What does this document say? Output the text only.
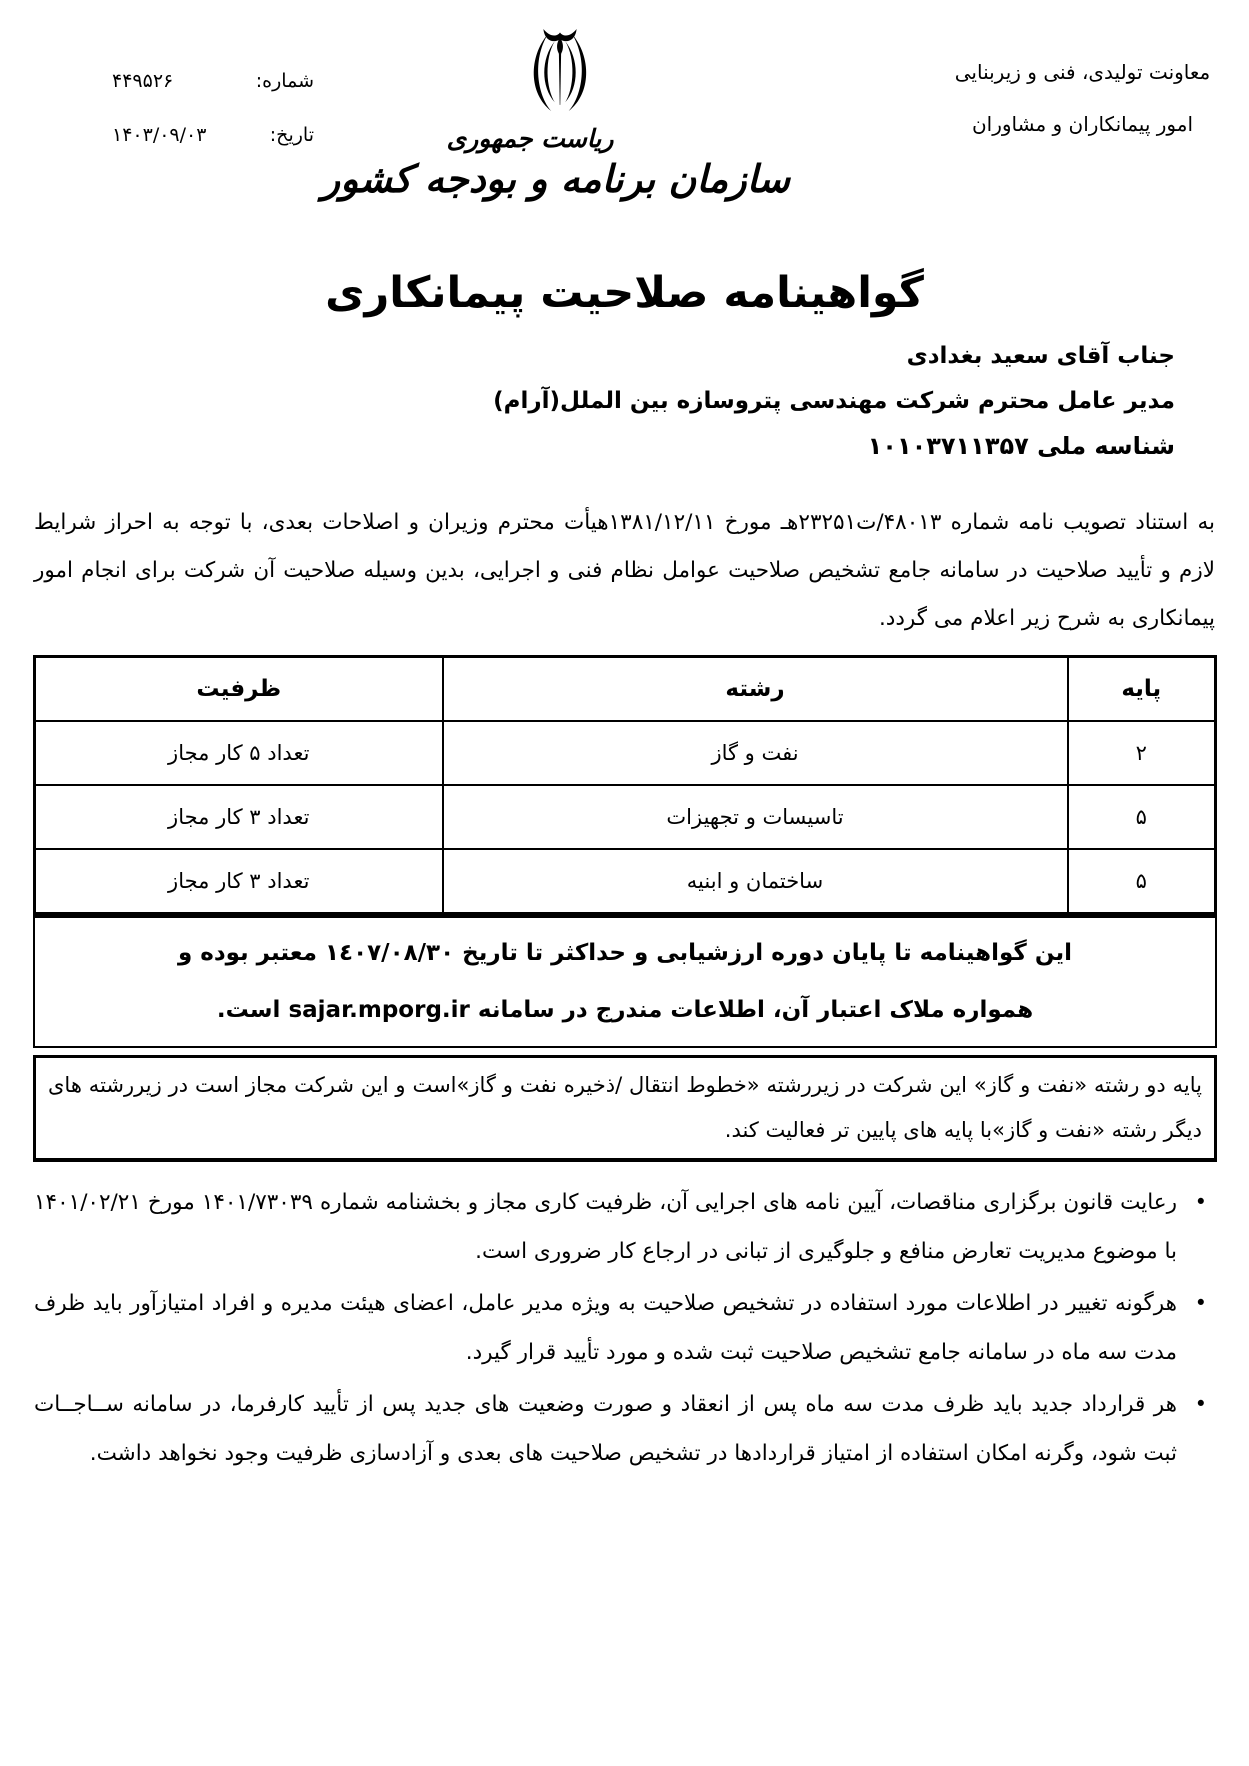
معاونت تولیدی، فنی و زیربنایی
امور پیمانکاران و مشاوران
شماره:
۴۴۹۵۲۶
تاریخ:
۱۴۰۳/۰۹/۰۳	ریاست جمهوری
سازمان برنامه و بودجه کشور
گواهینامه صلاحیت پیمانکاری
جناب آقای سعید بغدادی
مدیر عامل محترم شرکت مهندسی پتروسازه بین الملل(آرام)
شناسه ملی ۱۰۱۰۳۷۱۱۳۵۷

به استناد تصویب نامه شماره ۴۸۰۱۳/ت۲۳۲۵۱هـ مورخ ۱۳۸۱/۱۲/۱۱هیأت محترم وزیران و اصلاحات بعدی، با توجه به احراز شرایط لازم و تأیید صلاحیت در سامانه جامع تشخیص صلاحیت عوامل نظام فنی و اجرایی، بدین وسیله صلاحیت آن شرکت برای انجام امور پیمانکاری به شرح زیر اعلام می گردد.

پایه	رشته	ظرفیت
۲	نفت و گاز	تعداد ۵ کار مجاز
۵	تاسیسات و تجهیزات	تعداد ۳ کار مجاز
۵	ساختمان و ابنیه	تعداد ۳ کار مجاز
این گواهینامه تا پایان دوره ارزشیابی و حداکثر تا تاریخ ۱٤۰۷/۰۸/۳۰ معتبر بوده و
همواره ملاک اعتبار آن، اطلاعات مندرج در سامانه sajar.mporg.ir است.
پایه دو رشته «نفت و گاز» این شرکت در زیررشته «خطوط انتقال /ذخیره نفت و گاز»است و این شرکت مجاز است در زیررشته های دیگر رشته «نفت و گاز»با پایه های پایین تر فعالیت کند.
•
رعایت قانون برگزاری مناقصات، آیین نامه های اجرایی آن، ظرفیت کاری مجاز و بخشنامه شماره ۱۴۰۱/۷۳۰۳۹ مورخ ۱۴۰۱/۰۲/۲۱ با موضوع مدیریت تعارض منافع و جلوگیری از تبانی در ارجاع کار ضروری است.
•
هرگونه تغییر در اطلاعات مورد استفاده در تشخیص صلاحیت به ویژه مدیر عامل، اعضای هیئت مدیره و افراد امتیازآور باید ظرف مدت سه ماه در سامانه جامع تشخیص صلاحیت ثبت شده و مورد تأیید قرار گیرد.
•
هر قرارداد جدید باید ظرف مدت سه ماه پس از انعقاد و صورت وضعیت های جدید پس از تأیید کارفرما، در سامانه ســاجــات ثبت شود، وگرنه امکان استفاده از امتیاز قراردادها در تشخیص صلاحیت های بعدی و آزادسازی ظرفیت وجود نخواهد داشت.
